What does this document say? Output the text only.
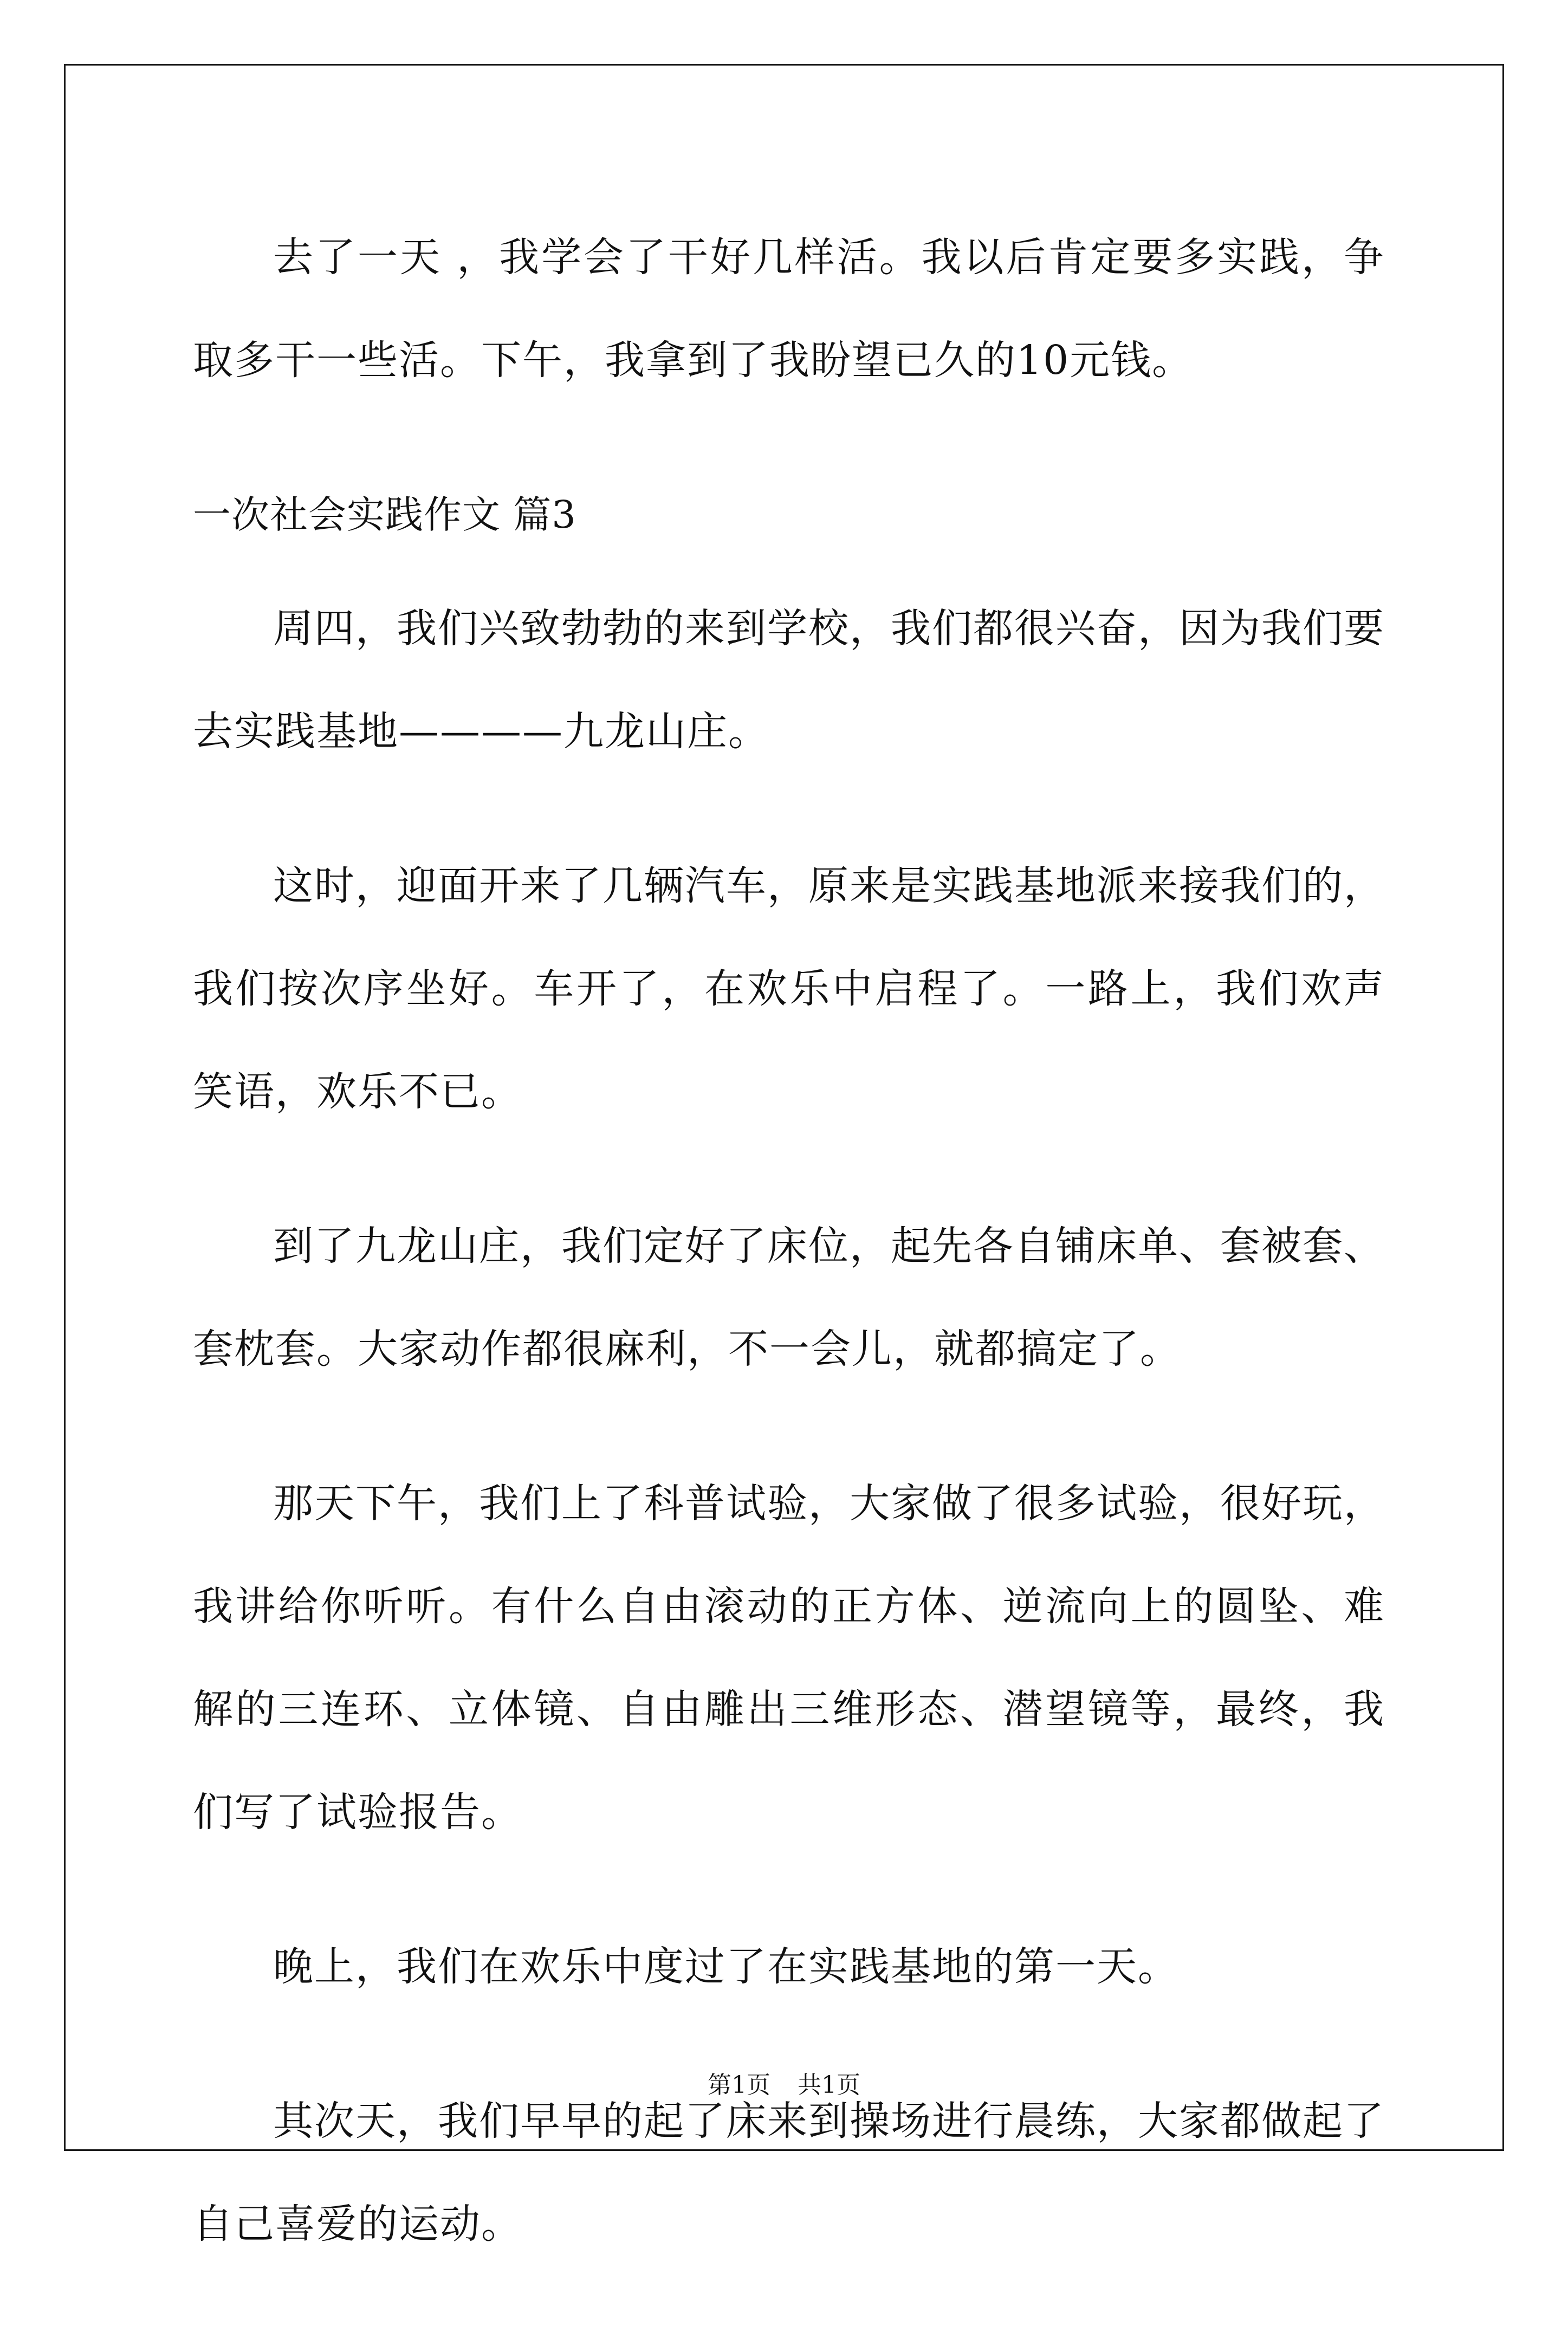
去了一天 ，我学会了干好几样活。我以后肯定要多实践，争取多干一些活。下午，我拿到了我盼望已久的10元钱。

一次社会实践作文 篇3

周四，我们兴致勃勃的来到学校，我们都很兴奋，因为我们要去实践基地————九龙山庄。

这时，迎面开来了几辆汽车，原来是实践基地派来接我们的，我们按次序坐好。车开了，在欢乐中启程了。一路上，我们欢声笑语，欢乐不已。

到了九龙山庄，我们定好了床位，起先各自铺床单、套被套、套枕套。大家动作都很麻利，不一会儿，就都搞定了。

那天下午，我们上了科普试验，大家做了很多试验，很好玩，我讲给你听听。有什么自由滚动的正方体、逆流向上的圆坠、难解的三连环、立体镜、自由雕出三维形态、潜望镜等，最终，我们写了试验报告。

晚上，我们在欢乐中度过了在实践基地的第一天。

其次天，我们早早的起了床来到操场进行晨练，大家都做起了自己喜爱的运动。

第1页 共1页
